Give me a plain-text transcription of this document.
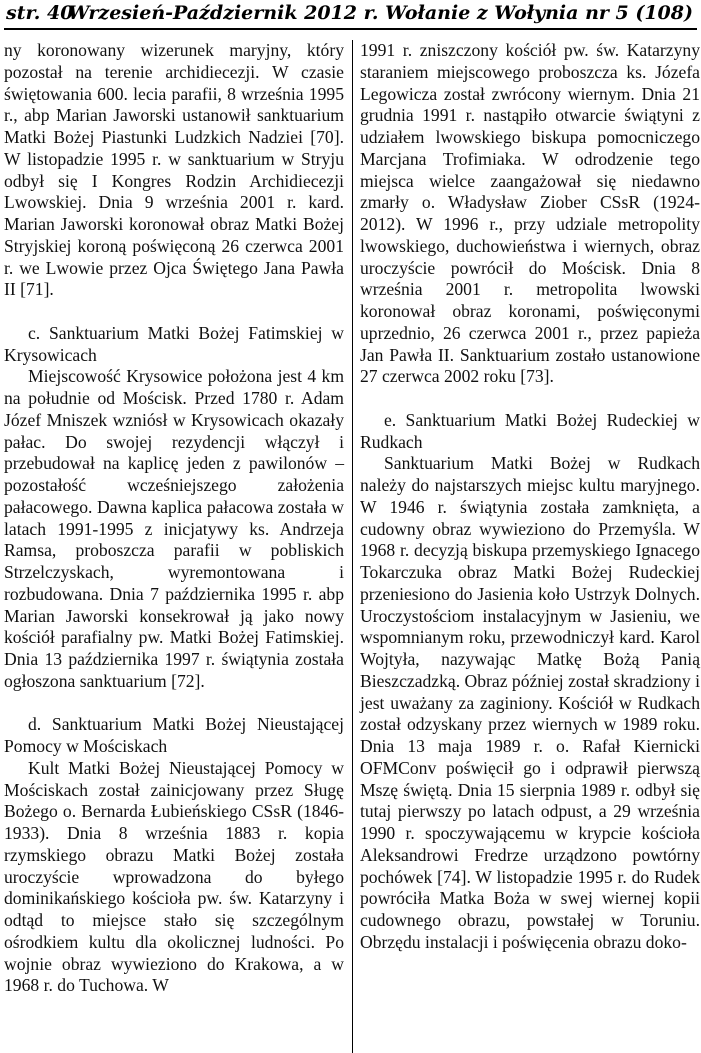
str. 40
Wrzesień-Październik 2012 r. Wołanie z Wołynia nr 5 (108)

ny koronowany wizerunek maryjny, który pozostał na terenie archidiecezji. W czasie świętowania 600. lecia parafii, 8 września 1995 r., abp Marian Jaworski ustanowił sanktuarium Matki Bożej Piastunki Ludzkich Nadziei [70]. W listopadzie 1995 r. w sanktuarium w Stryju odbył się I Kongres Rodzin Archidiecezji Lwowskiej. Dnia 9 września 2001 r. kard. Marian Jaworski koronował obraz Matki Bożej Stryjskiej koroną poświęconą 26 czerwca 2001 r. we Lwowie przez Ojca Świętego Jana Pawła II [71].

c. Sanktuarium Matki Bożej Fatimskiej w Krysowicach

Miejscowość Krysowice położona jest 4 km na południe od Mościsk. Przed 1780 r. Adam Józef Mniszek wzniósł w Krysowicach okazały pałac. Do swojej rezydencji włączył i przebudował na kaplicę jeden z pawilonów – pozostałość wcześniejszego założenia pałacowego. Dawna kaplica pałacowa została w latach 1991-1995 z inicjatywy ks. Andrzeja Ramsa, proboszcza parafii w pobliskich Strzelczyskach, wyremontowana i rozbudowana. Dnia 7 października 1995 r. abp Marian Jaworski konsekrował ją jako nowy kościół parafialny pw. Matki Bożej Fatimskiej. Dnia 13 października 1997 r. świątynia została ogłoszona sanktuarium [72].

d. Sanktuarium Matki Bożej Nieustającej Pomocy w Mościskach

Kult Matki Bożej Nieustającej Pomocy w Mościskach został zainicjowany przez Sługę Bożego o. Bernarda Łubieńskiego CSsR (1846-1933). Dnia 8 września 1883 r. kopia rzymskiego obrazu Matki Bożej została uroczyście wprowadzona do byłego dominikańskiego kościoła pw. św. Katarzyny i odtąd to miejsce stało się szczególnym ośrodkiem kultu dla okolicznej ludności. Po wojnie obraz wywieziono do Krakowa, a w 1968 r. do Tuchowa. W

1991 r. zniszczony kościół pw. św. Katarzyny staraniem miejscowego proboszcza ks. Józefa Legowicza został zwrócony wiernym. Dnia 21 grudnia 1991 r. nastąpiło otwarcie świątyni z udziałem lwowskiego biskupa pomocniczego Marcjana Trofimiaka. W odrodzenie tego miejsca wielce zaangażował się niedawno zmarły o. Władysław Ziober CSsR (1924-2012). W 1996 r., przy udziale metropolity lwowskiego, duchowieństwa i wiernych, obraz uroczyście powrócił do Mościsk. Dnia 8 września 2001 r. metropolita lwowski koronował obraz koronami, poświęconymi uprzednio, 26 czerwca 2001 r., przez papieża Jan Pawła II. Sanktuarium zostało ustanowione 27 czerwca 2002 roku [73].

e. Sanktuarium Matki Bożej Rudeckiej w Rudkach

Sanktuarium Matki Bożej w Rudkach należy do najstarszych miejsc kultu maryjnego. W 1946 r. świątynia została zamknięta, a cudowny obraz wywieziono do Przemyśla. W 1968 r. decyzją biskupa przemyskiego Ignacego Tokarczuka obraz Matki Bożej Rudeckiej przeniesiono do Jasienia koło Ustrzyk Dolnych. Uroczystościom instalacyjnym w Jasieniu, we wspomnianym roku, przewodniczył kard. Karol Wojtyła, nazywając Matkę Bożą Panią Bieszczadzką. Obraz później został skradziony i jest uważany za zaginiony. Kościół w Rudkach został odzyskany przez wiernych w 1989 roku. Dnia 13 maja 1989 r. o. Rafał Kiernicki OFMConv poświęcił go i odprawił pierwszą Mszę świętą. Dnia 15 sierpnia 1989 r. odbył się tutaj pierwszy po latach odpust, a 29 września 1990 r. spoczywającemu w krypcie kościoła Aleksandrowi Fredrze urządzono powtórny pochówek [74]. W listopadzie 1995 r. do Rudek powróciła Matka Boża w swej wiernej kopii cudownego obrazu, powstałej w Toruniu. Obrzędu instalacji i poświęcenia obrazu doko-
